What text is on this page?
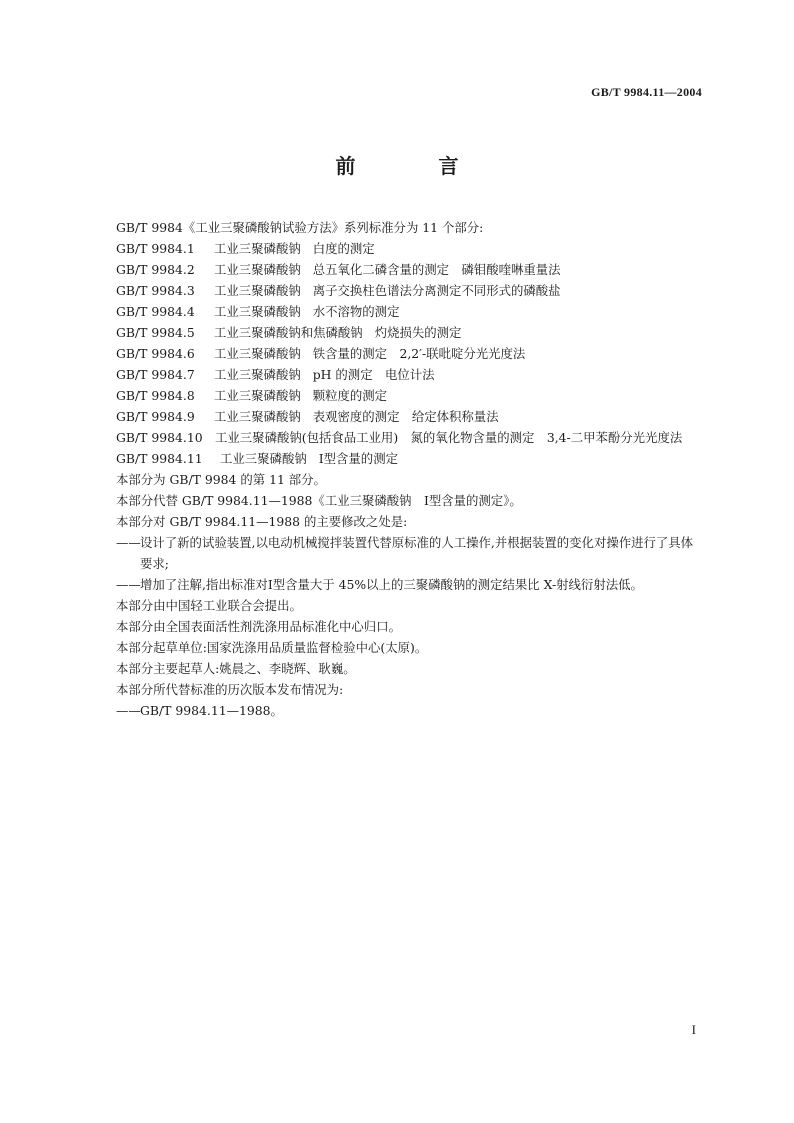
GB/T 9984.11—2004
前 言

GB/T 9984《工业三聚磷酸钠试验方法》系列标准分为 11 个部分:

GB/T 9984.1 工业三聚磷酸钠 白度的测定

GB/T 9984.2 工业三聚磷酸钠 总五氧化二磷含量的测定　磷钼酸喹啉重量法

GB/T 9984.3 工业三聚磷酸钠 离子交换柱色谱法分离测定不同形式的磷酸盐

GB/T 9984.4 工业三聚磷酸钠 水不溶物的测定

GB/T 9984.5 工业三聚磷酸钠和焦磷酸钠 灼烧损失的测定

GB/T 9984.6 工业三聚磷酸钠 铁含量的测定　2,2′-联吡啶分光光度法

GB/T 9984.7 工业三聚磷酸钠 pH 的测定　电位计法

GB/T 9984.8 工业三聚磷酸钠 颗粒度的测定

GB/T 9984.9 工业三聚磷酸钠 表观密度的测定　给定体积称量法

GB/T 9984.10　工业三聚磷酸钠(包括食品工业用)　氮的氧化物含量的测定　3,4-二甲苯酚分光光度法

GB/T 9984.11 工业三聚磷酸钠 Ⅰ型含量的测定

本部分为 GB/T 9984 的第 11 部分。

本部分代替 GB/T 9984.11—1988《工业三聚磷酸钠　Ⅰ型含量的测定》。

本部分对 GB/T 9984.11—1988 的主要修改之处是:

—— 设计了新的试验装置,以电动机械搅拌装置代替原标准的人工操作,并根据装置的变化对操作进行了具体要求;
—— 增加了注解,指出标准对Ⅰ型含量大于 45%以上的三聚磷酸钠的测定结果比 X-射线衍射法低。

本部分由中国轻工业联合会提出。

本部分由全国表面活性剂洗涤用品标准化中心归口。

本部分起草单位:国家洗涤用品质量监督检验中心(太原)。

本部分主要起草人:姚晨之、李晓辉、耿巍。

本部分所代替标准的历次版本发布情况为:

—— GB/T 9984.11—1988。
I
